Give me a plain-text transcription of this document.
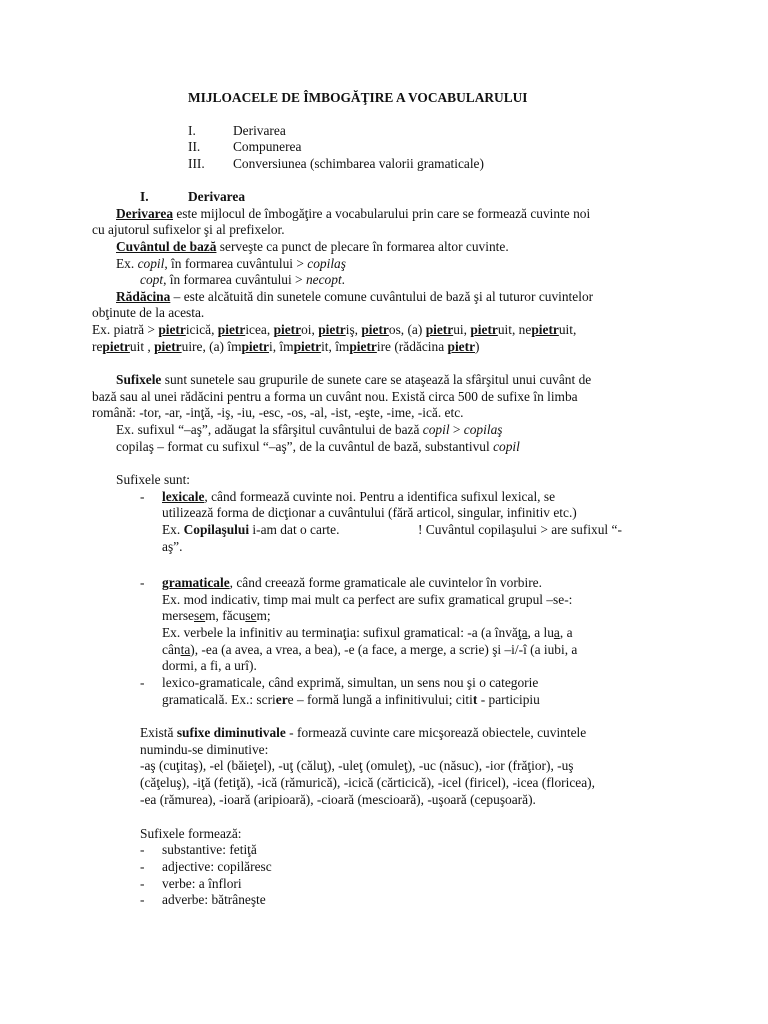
MIJLOACELE DE ÎMBOGĂŢIRE A VOCABULARULUI
I.	Derivarea
II. Compunerea
III. Conversiunea (schimbarea valorii gramaticale)
I.	Derivarea
Derivarea este mijlocul de îmbogăţire a vocabularului prin care se formează cuvinte noi
cu ajutorul sufixelor şi al prefixelor.
Cuvântul de bază serveşte ca punct de plecare în formarea altor cuvinte.
Ex. copil, în formarea cuvântului > copilaş
copt, în formarea cuvântului > necopt.
Rădăcina – este alcătuită din sunetele comune cuvântului de bază şi al tuturor cuvintelor
obţinute de la acesta.
Ex. piatră > pietricică, pietricea, pietroi, pietriş, pietros, (a) pietrui, pietruit, nepietruit,
repietruit , pietruire, (a) împietri, împietrit, împietrire (rădăcina pietr)
Sufixele sunt sunetele sau grupurile de sunete care se ataşează la sfârşitul unui cuvânt de
bază sau al unei rădăcini pentru a forma un cuvânt nou. Există circa 500 de sufixe în limba
română: -tor, -ar, -inţă, -iş, -iu, -esc, -os, -al, -ist, -eşte, -ime, -ică. etc.
Ex. sufixul “–aş”, adăugat la sfârşitul cuvântului de bază copil > copilaş
copilaş – format cu sufixul “–aş”, de la cuvântul de bază, substantivul copil
Sufixele sunt:
- lexicale, când formează cuvinte noi. Pentru a identifica sufixul lexical, se
utilizează forma de dicţionar a cuvântului (fără articol, singular, infinitiv etc.)
Ex. Copilaşului i-am dat o carte.	! Cuvântul copilaşului > are sufixul “-
aş”.
- gramaticale, când creează forme gramaticale ale cuvintelor în vorbire.
Ex. mod indicativ, timp mai mult ca perfect are sufix gramatical grupul –se-:
mersesem, făcusem;
Ex. verbele la infinitiv au terminaţia: sufixul gramatical: -a (a învăţa, a lua, a
cânta), -ea (a avea, a vrea, a bea), -e (a face, a merge, a scrie) şi –i/-î (a iubi, a
dormi, a fi, a urî).
- lexico-gramaticale, când exprimă, simultan, un sens nou şi o categorie
gramaticală. Ex.: scriere – formă lungă a infinitivului; citit - participiu
Există sufixe diminutivale - formează cuvinte care micşorează obiectele, cuvintele
numindu-se diminutive:
-aş (cuţitaş), -el (băieţel), -uţ (căluţ), -uleţ (omuleţ), -uc (năsuc), -ior (frăţior), -uş
(căţeluş), -iţă (fetiţă), -ică (rămurică), -icică (cărticică), -icel (firicel), -icea (floricea),
-ea (rămurea), -ioară (aripioară), -cioară (mescioară), -uşoară (cepuşoară).
Sufixele formează:
- substantive: fetiţă
- adjective: copilăresc
- verbe: a înflori
- adverbe: bătrâneşte
